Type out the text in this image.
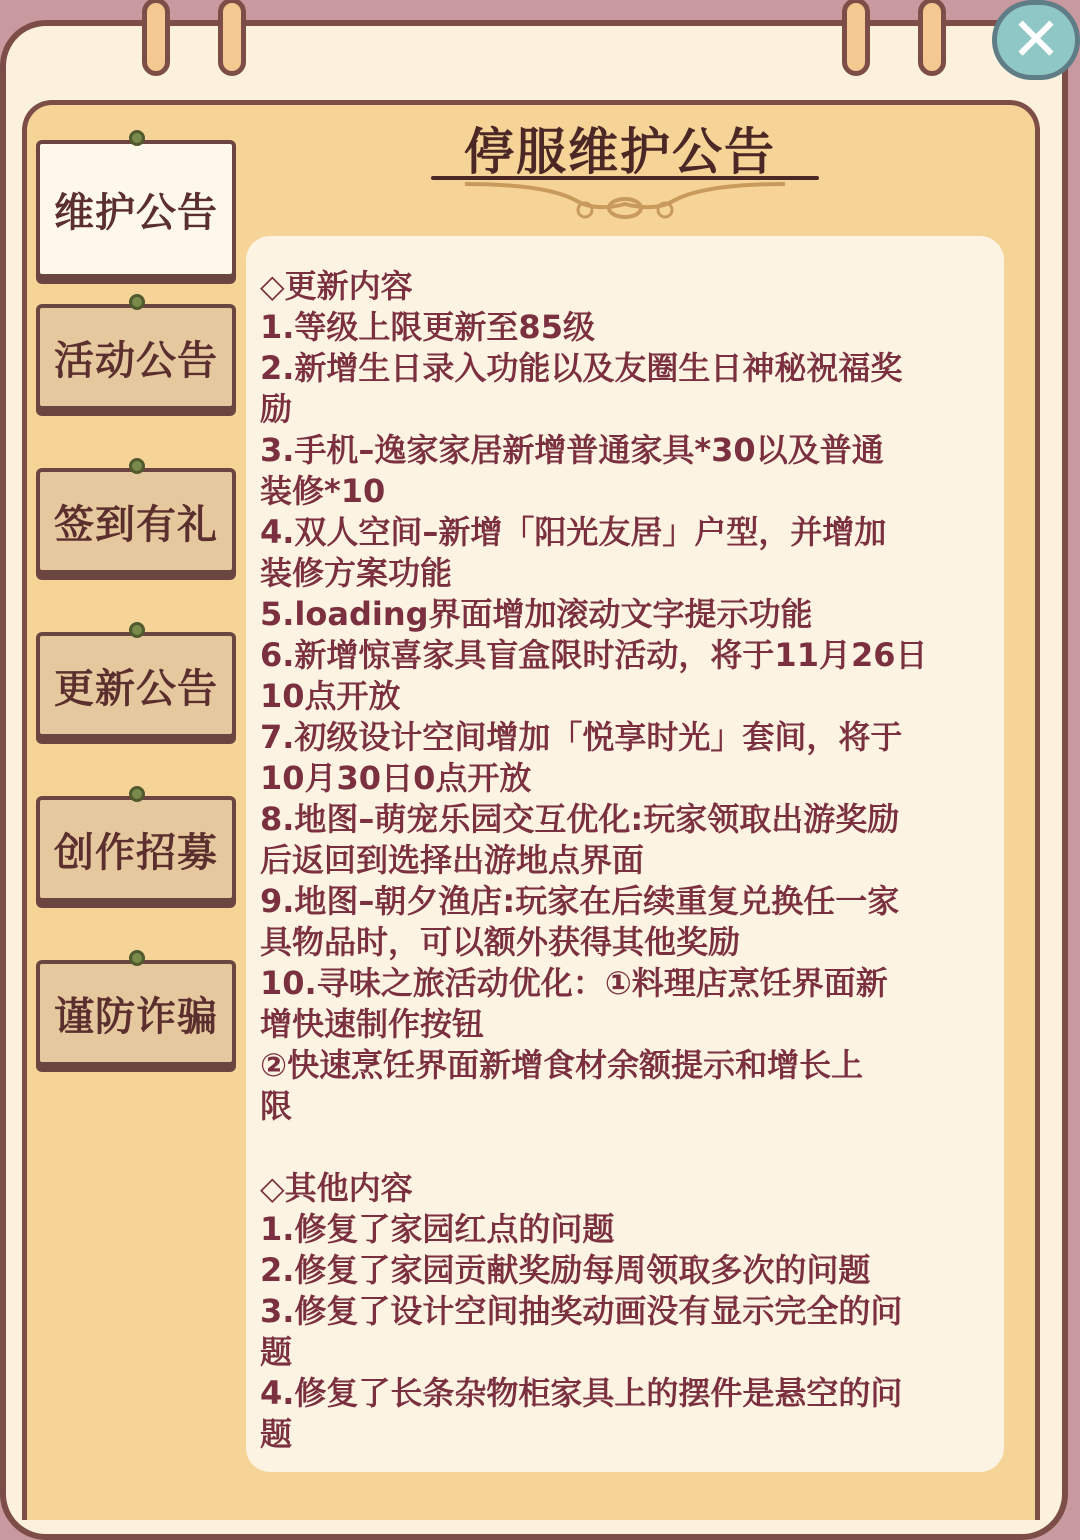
✕
维护公告
活动公告
签到有礼
更新公告
创作招募
谨防诈骗
停服维护公告
◇更新内容
1.等级上限更新至85级
2.新增生日录入功能以及友圈生日神秘祝福奖
励
3.手机–逸家家居新增普通家具*30以及普通
装修*10
4.双人空间–新增「阳光友居」户型，并增加
装修方案功能
5.loading界面增加滚动文字提示功能
6.新增惊喜家具盲盒限时活动，将于11月26日
10点开放
7.初级设计空间增加「悦享时光」套间，将于
10月30日0点开放
8.地图–萌宠乐园交互优化:玩家领取出游奖励
后返回到选择出游地点界面
9.地图–朝夕渔店:玩家在后续重复兑换任一家
具物品时，可以额外获得其他奖励
10.寻味之旅活动优化：①料理店烹饪界面新
增快速制作按钮
②快速烹饪界面新增食材余额提示和增长上
限
◇其他内容
1.修复了家园红点的问题
2.修复了家园贡献奖励每周领取多次的问题
3.修复了设计空间抽奖动画没有显示完全的问
题
4.修复了长条杂物柜家具上的摆件是悬空的问
题
